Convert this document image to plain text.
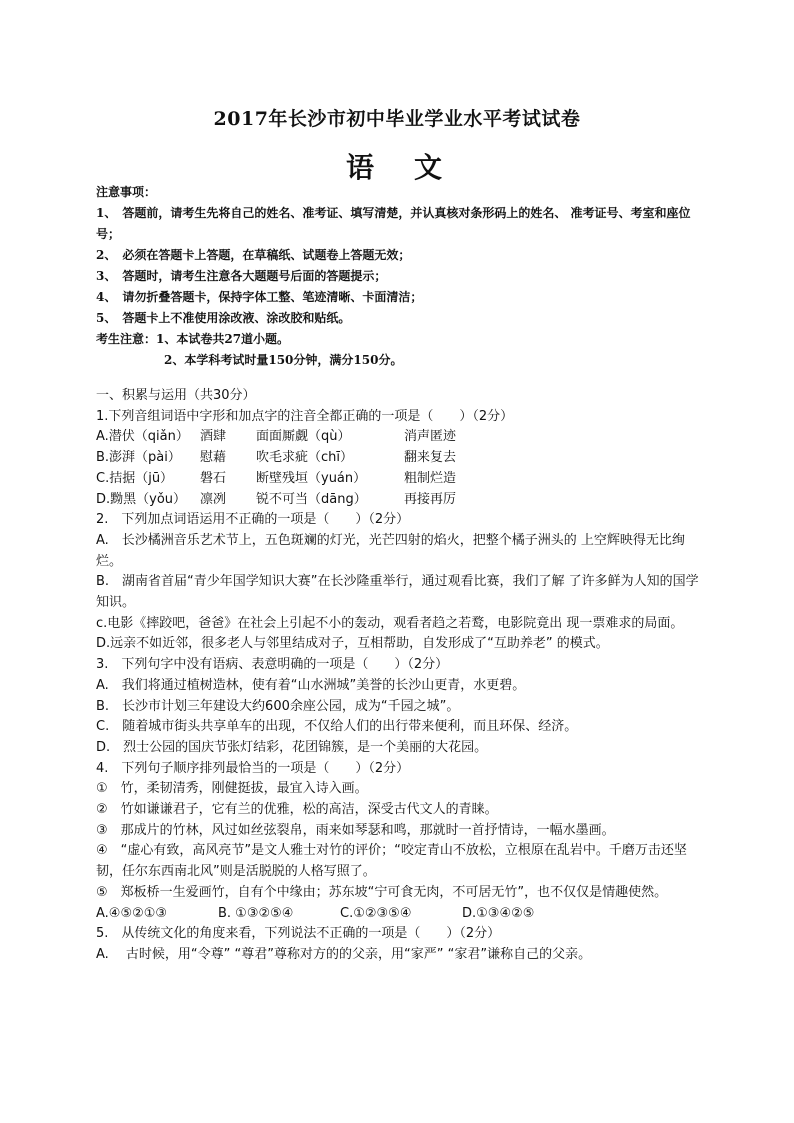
2017年长沙市初中毕业学业水平考试试卷
语　文
注意事项：
1、　答题前，请考生先将自己的姓名、准考证、填写清楚，并认真核对条形码上的姓名、 准考证号、考室和座位号；
2、　必须在答题卡上答题，在草稿纸、试题卷上答题无效；
3、　答题时，请考生注意各大题题号后面的答题提示；
4、　请勿折叠答题卡，保持字体工整、笔迹清晰、卡面清洁；
5、　答题卡上不准使用涂改液、涂改胶和贴纸。
考生注意：1、本试卷共27道小题。
2、本学科考试时量150分钟，满分150分。
一、积累与运用（共30分）
1.下列音组词语中字形和加点字的注音全都正确的一项是（　　）（2分）
A.潜伏（qiǎn） 酒肆	面面厮觑（qù）	消声匿迹
B.澎湃（pài）	慰藉	吹毛求疵（chī）	翻来复去
C.拮据（jū）	磐石	断壁残垣（yuán）	粗制烂造
D.黝黑（yǒu）	凛冽	锐不可当（dāng）	再接再厉
2.　下列加点词语运用不正确的一项是（　　）（2分）
A.　长沙橘洲音乐艺术节上，五色斑斓的灯光，光芒四射的焰火，把整个橘子洲头的 上空辉映得无比绚烂。
B.　湖南省首届“青少年国学知识大赛”在长沙隆重举行，通过观看比赛，我们了解 了许多鲜为人知的国学知识。
c.电影《摔跤吧，爸爸》在社会上引起不小的轰动，观看者趋之若鹜，电影院竟出 现一票难求的局面。
D.远亲不如近邻，很多老人与邻里结成对子，互相帮助，自发形成了“互助养老” 的模式。
3.　下列句字中没有语病、表意明确的一项是（　　）（2分）
A.　我们将通过植树造林，使有着“山水洲城”美誉的长沙山更青，水更碧。
B.　长沙市计划三年建设大约600余座公园，成为“千园之城”。
C.　随着城市街头共享单车的出现，不仅给人们的出行带来便利，而且环保、经济。
D.　烈士公园的国庆节张灯结彩，花团锦簇，是一个美丽的大花园。
4.　下列句子顺序排列最恰当的一项是（　　）（2分）
①　竹，柔韧清秀，刚健挺拔，最宜入诗入画。
②　竹如谦谦君子，它有兰的优雅，松的高洁，深受古代文人的青睐。
③　那成片的竹林，风过如丝弦裂帛，雨来如琴瑟和鸣，那就时一首抒情诗，一幅水墨画。
④　“虚心有致，高风亮节”是文人雅士对竹的评价；“咬定青山不放松，立根原在乱岩中。千磨万击还坚韧，任尔东西南北风”则是活脱脱的人格写照了。
⑤　郑板桥一生爱画竹，自有个中缘由；苏东坡“宁可食无肉，不可居无竹”，也不仅仅是情趣使然。
A.④⑤②①③	B. ①③②⑤④	C.①②③⑤④	D.①③④②⑤
5.　从传统文化的角度来看，下列说法不正确的一项是（　　）（2分）
A.　 古时候，用“令尊” “尊君”尊称对方的的父亲，用“家严” “家君”谦称自己的父亲。
